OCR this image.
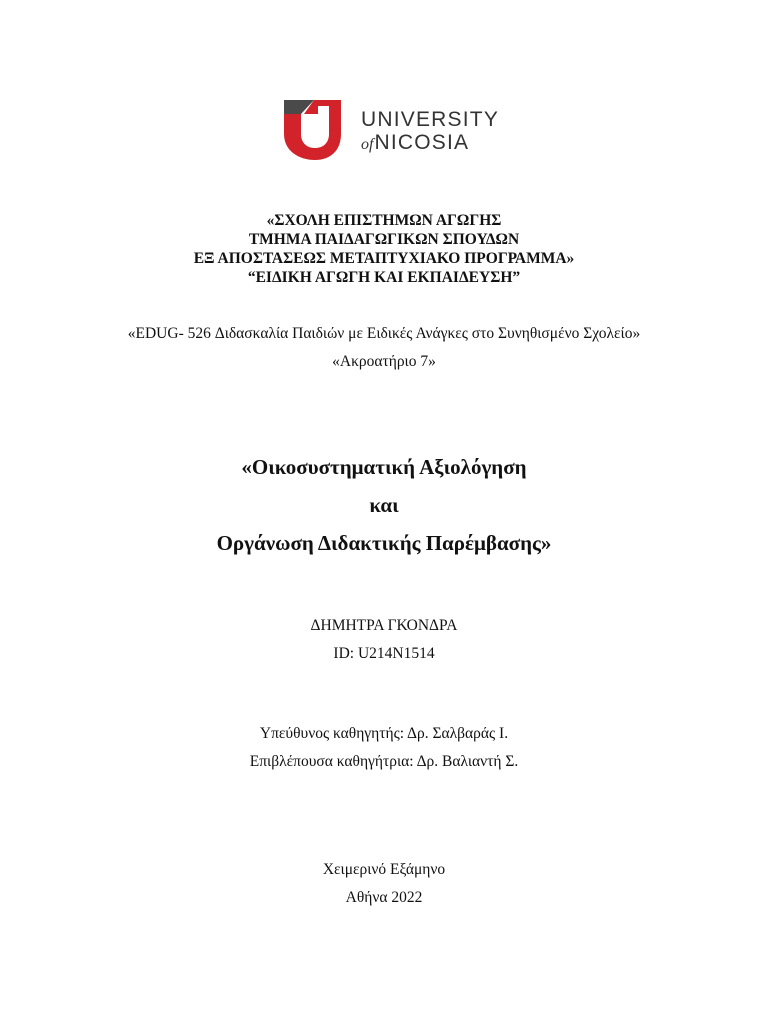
UNIVERSITY
ofNICOSIA
«ΣΧΟΛΗ ΕΠΙΣΤΗΜΩΝ ΑΓΩΓΗΣ
ΤΜΗΜΑ ΠΑΙΔΑΓΩΓΙΚΩΝ ΣΠΟΥΔΩΝ
ΕΞ ΑΠΟΣΤΑΣΕΩΣ ΜΕΤΑΠΤΥΧΙΑΚΟ ΠΡΟΓΡΑΜΜΑ»
“ΕΙΔΙΚΗ ΑΓΩΓΗ ΚΑΙ ΕΚΠΑΙΔΕΥΣΗ”
«EDUG- 526 Διδασκαλία Παιδιών με Ειδικές Ανάγκες στο Συνηθισμένο Σχολείο»
«Ακροατήριο 7»
«Οικοσυστηματική Αξιολόγηση
και
Οργάνωση Διδακτικής Παρέμβασης»
ΔΗΜΗΤΡΑ ΓΚΟΝΔΡΑ
ID: U214N1514
Υπεύθυνος καθηγητής: Δρ. Σαλβαράς Ι.
Επιβλέπουσα καθηγήτρια: Δρ. Βαλιαντή Σ.
Χειμερινό Εξάμηνο
Αθήνα 2022
